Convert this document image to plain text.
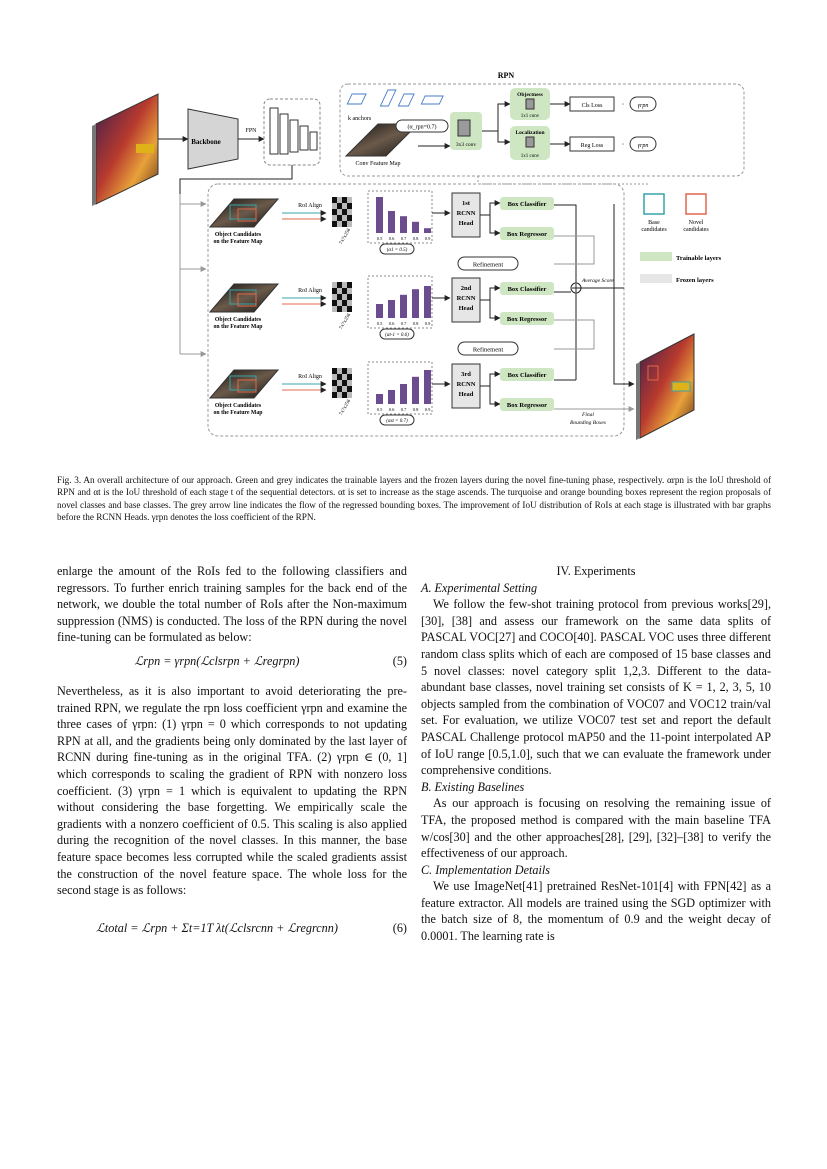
Backbone
FPN
RPN
k anchors
Conv Feature Map
(α_rpn=0.7)
3x3 conv
Objectness
1x1 conv
Localization
1x1 conv
Cls Loss
Reg Loss
·
·
γrpn
γrpn
Object Candidates
on the Feature Map
RoI Align
7x7x256	0.5 0.6 0.7 0.8 0.9
(α1 = 0.5)
1st
RCNN
Head
Box Classifier
Box Regressor
Object Candidates
on the Feature Map
RoI Align
7x7x256	0.5 0.6 0.7 0.8 0.9
(αt-1 = 0.6)
2nd
RCNN
Head
Box Classifier
Box Regressor
Object Candidates
on the Feature Map
RoI Align
7x7x256	0.5 0.6 0.7 0.8 0.9
(αst = 0.7)
3rd
RCNN
Head
Box Classifier
Box Regressor
Refinement
Refinement
Average Score
Final
Bounding Boxes
Base
candidates
Novel
candidates
Trainable layers
Frozen layers
Fig. 3. An overall architecture of our approach. Green and grey indicates the trainable layers and the frozen layers during the novel fine-tuning phase, respectively. αrpn is the IoU threshold of RPN and αt is the IoU threshold of each stage t of the sequential detectors. αt is set to increase as the stage ascends. The turquoise and orange bounding boxes represent the region proposals of novel classes and base classes. The grey arrow line indicates the flow of the regressed bounding boxes. The improvement of IoU distribution of RoIs at each stage is illustrated with bar graphs before the RCNN Heads. γrpn denotes the loss coefficient of the RPN.

enlarge the amount of the RoIs fed to the following classifiers and regressors. To further enrich training samples for the back end of the network, we double the total number of RoIs after the Non-maximum suppression (NMS) is conducted. The loss of the RPN during the novel fine-tuning can be formulated as below:

ℒrpn = γrpn(ℒclsrpn + ℒregrpn)	(5)

Nevertheless, as it is also important to avoid deteriorating the pre-trained RPN, we regulate the rpn loss coefficient γrpn and examine the three cases of γrpn: (1) γrpn = 0 which corresponds to not updating RPN at all, and the gradients being only dominated by the last layer of RCNN during fine-tuning as in the original TFA. (2) γrpn ∈ (0, 1] which corresponds to scaling the gradient of RPN with nonzero loss coefficient. (3) γrpn = 1 which is equivalent to updating the RPN without considering the base forgetting. We empirically scale the gradients with a nonzero coefficient of 0.5. This scaling is also applied during the recognition of the novel classes. In this manner, the base feature space becomes less corrupted while the scaled gradients assist the construction of the novel feature space. The whole loss for the second stage is as follows:

ℒtotal = ℒrpn + Σt=1T λt(ℒclsrcnn + ℒregrcnn)	(6)

IV. Experiments

A. Experimental Setting

We follow the few-shot training protocol from previous works[29], [30], [38] and assess our framework on the same data splits of PASCAL VOC[27] and COCO[40]. PASCAL VOC uses three different random class splits which of each are composed of 15 base classes and 5 novel classes: novel category split 1,2,3. Different to the data-abundant base classes, novel training set consists of K = 1, 2, 3, 5, 10 objects sampled from the combination of VOC07 and VOC12 train/val set. For evaluation, we utilize VOC07 test set and report the default PASCAL Challenge protocol mAP50 and the 11-point interpolated AP of IoU range [0.5,1.0], such that we can evaluate the framework under comprehensive conditions.

B. Existing Baselines

As our approach is focusing on resolving the remaining issue of TFA, the proposed method is compared with the main baseline TFA w/cos[30] and the other approaches[28], [29], [32]–[38] to verify the effectiveness of our approach.

C. Implementation Details

We use ImageNet[41] pretrained ResNet-101[4] with FPN[42] as a feature extractor. All models are trained using the SGD optimizer with the batch size of 8, the momentum of 0.9 and the weight decay of 0.0001. The learning rate is
